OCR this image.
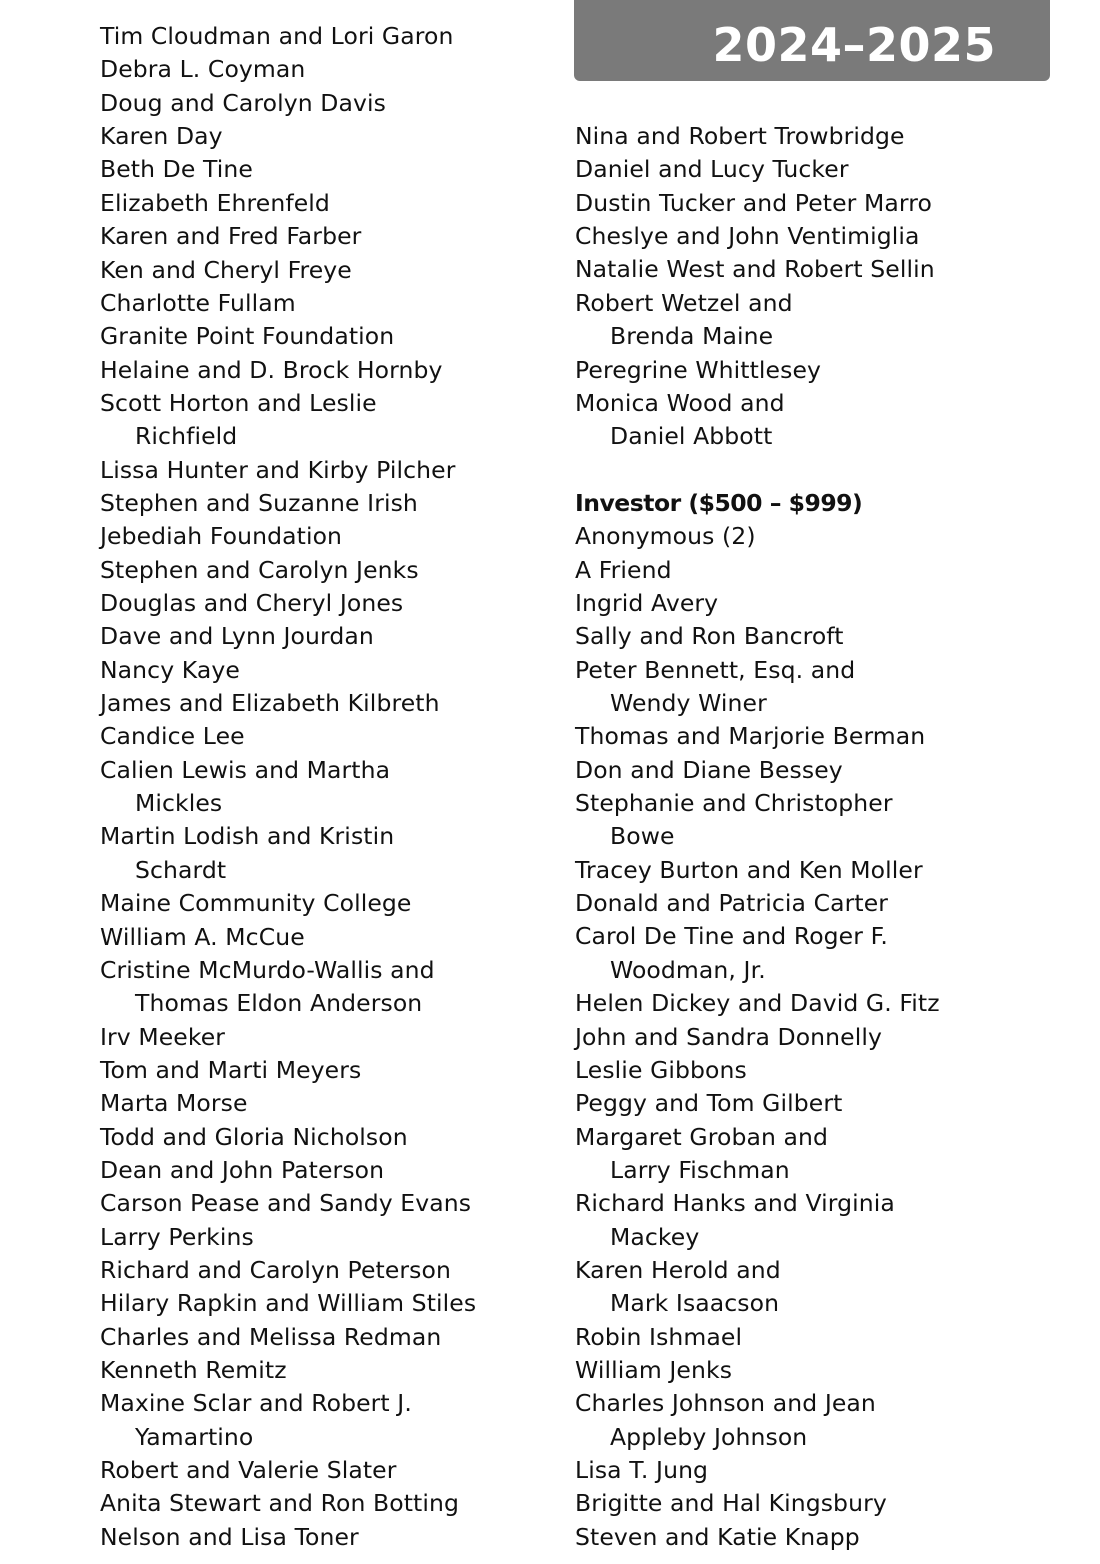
Tim Cloudman and Lori Garon
Debra L. Coyman
Doug and Carolyn Davis
Karen Day
Beth De Tine
Elizabeth Ehrenfeld
Karen and Fred Farber
Ken and Cheryl Freye
Charlotte Fullam
Granite Point Foundation
Helaine and D. Brock Hornby
Scott Horton and Leslie
Richfield
Lissa Hunter and Kirby Pilcher
Stephen and Suzanne Irish
Jebediah Foundation
Stephen and Carolyn Jenks
Douglas and Cheryl Jones
Dave and Lynn Jourdan
Nancy Kaye
James and Elizabeth Kilbreth
Candice Lee
Calien Lewis and Martha
Mickles
Martin Lodish and Kristin
Schardt
Maine Community College
William A. McCue
Cristine McMurdo-Wallis and
Thomas Eldon Anderson
Irv Meeker
Tom and Marti Meyers
Marta Morse
Todd and Gloria Nicholson
Dean and John Paterson
Carson Pease and Sandy Evans
Larry Perkins
Richard and Carolyn Peterson
Hilary Rapkin and William Stiles
Charles and Melissa Redman
Kenneth Remitz
Maxine Sclar and Robert J.
Yamartino
Robert and Valerie Slater
Anita Stewart and Ron Botting
Nelson and Lisa Toner
Nina and Robert Trowbridge
Daniel and Lucy Tucker
Dustin Tucker and Peter Marro
Cheslye and John Ventimiglia
Natalie West and Robert Sellin
Robert Wetzel and
Brenda Maine
Peregrine Whittlesey
Monica Wood and
Daniel Abbott
Investor ($500 – $999)
Anonymous (2)
A Friend
Ingrid Avery
Sally and Ron Bancroft
Peter Bennett, Esq. and
Wendy Winer
Thomas and Marjorie Berman
Don and Diane Bessey
Stephanie and Christopher
Bowe
Tracey Burton and Ken Moller
Donald and Patricia Carter
Carol De Tine and Roger F.
Woodman, Jr.
Helen Dickey and David G. Fitz
John and Sandra Donnelly
Leslie Gibbons
Peggy and Tom Gilbert
Margaret Groban and
Larry Fischman
Richard Hanks and Virginia
Mackey
Karen Herold and
Mark Isaacson
Robin Ishmael
William Jenks
Charles Johnson and Jean
Appleby Johnson
Lisa T. Jung
Brigitte and Hal Kingsbury
Steven and Katie Knapp
2024–2025
